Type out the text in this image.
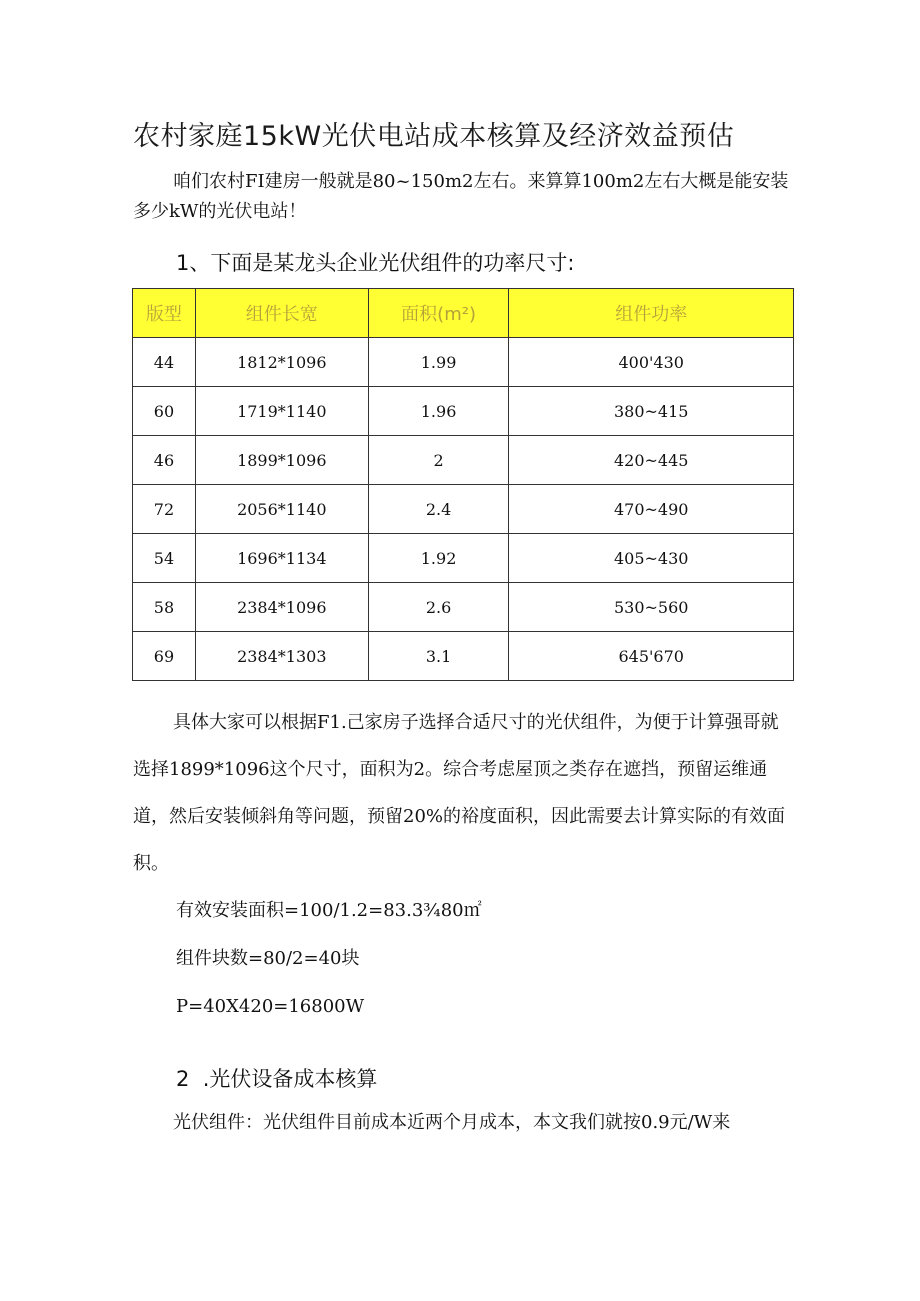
农村家庭15kW光伏电站成本核算及经济效益预估
咱们农村FI建房一般就是80~150m2左右。来算算100m2左右大概是能安装多少kW的光伏电站！
1、下面是某龙头企业光伏组件的功率尺寸:
版型	组件长宽	面积(m²)	组件功率
44	1812*1096	1.99	400'430
60	1719*1140	1.96	380~415
46	1899*1096	2	420~445
72	2056*1140	2.4	470~490
54	1696*1134	1.92	405~430
58	2384*1096	2.6	530~560
69	2384*1303	3.1	645'670
具体大家可以根据F1.己家房子选择合适尺寸的光伏组件，为便于计算强哥就选择1899*1096这个尺寸，面积为2。综合考虑屋顶之类存在遮挡，预留运维通道，然后安装倾斜角等问题，预留20%的裕度面积，因此需要去计算实际的有效面积。
有效安装面积=100/1.2=83.3¾80㎡
组件块数=80/2=40块
P=40X420=16800W
2  .光伏设备成本核算
光伏组件：光伏组件目前成本近两个月成本，本文我们就按0.9元/W来
